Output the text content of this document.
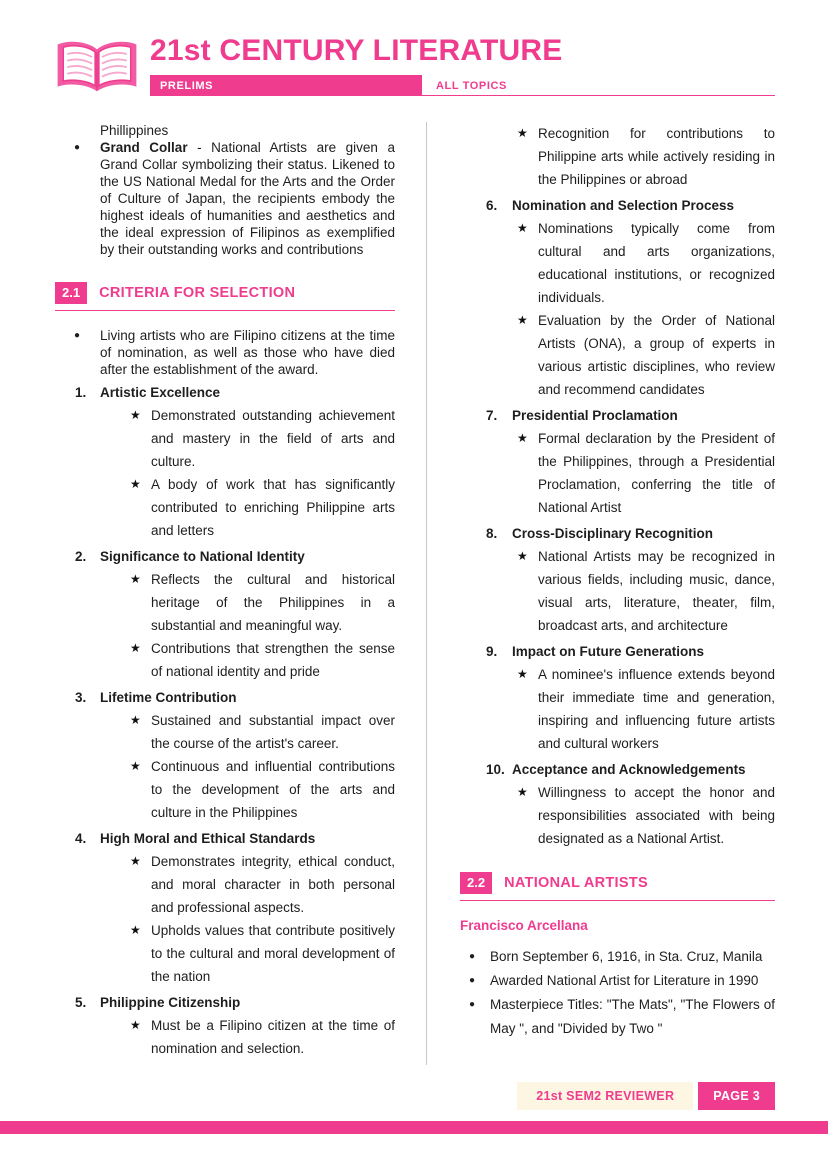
21st CENTURY LITERATURE
PRELIMS	ALL TOPICS
Phillippines
●	Grand Collar - National Artists are given a Grand Collar symbolizing their status. Likened to the US National Medal for the Arts and the Order of Culture of Japan, the recipients embody the highest ideals of humanities and aesthetics and the ideal expression of Filipinos as exemplified by their outstanding works and contributions
2.1	CRITERIA FOR SELECTION
●	Living artists who are Filipino citizens at the time of nomination, as well as those who have died after the establishment of the award.
1.	Artistic Excellence
★ Demonstrated outstanding achievement and mastery in the field of arts and culture.
★ A body of work that has significantly contributed to enriching Philippine arts and letters
2.	Significance to National Identity
★ Reflects the cultural and historical heritage of the Philippines in a substantial and meaningful way.
★ Contributions that strengthen the sense of national identity and pride
3.	Lifetime Contribution
★ Sustained and substantial impact over the course of the artist's career.
★ Continuous and influential contributions to the development of the arts and culture in the Philippines
4.	High Moral and Ethical Standards
★ Demonstrates integrity, ethical conduct, and moral character in both personal and professional aspects.
★ Upholds values that contribute positively to the cultural and moral development of the nation
5.	Philippine Citizenship
★ Must be a Filipino citizen at the time of nomination and selection.
★ Recognition for contributions to Philippine arts while actively residing in the Philippines or abroad
6.	Nomination and Selection Process
★ Nominations typically come from cultural and arts organizations, educational institutions, or recognized individuals.
★ Evaluation by the Order of National Artists (ONA), a group of experts in various artistic disciplines, who review and recommend candidates
7.	Presidential Proclamation
★ Formal declaration by the President of the Philippines, through a Presidential Proclamation, conferring the title of National Artist
8.	Cross-Disciplinary Recognition
★ National Artists may be recognized in various fields, including music, dance, visual arts, literature, theater, film, broadcast arts, and architecture
9.	Impact on Future Generations
★ A nominee's influence extends beyond their immediate time and generation, inspiring and influencing future artists and cultural workers
10. Acceptance and Acknowledgements
★ Willingness to accept the honor and responsibilities associated with being designated as a National Artist.
2.2	NATIONAL ARTISTS
Francisco Arcellana
●	Born September 6, 1916, in Sta. Cruz, Manila
●	Awarded National Artist for Literature in 1990
●	Masterpiece Titles: "The Mats", "The Flowers of May ", and "Divided by Two "
21st SEM2 REVIEWER	PAGE 3
